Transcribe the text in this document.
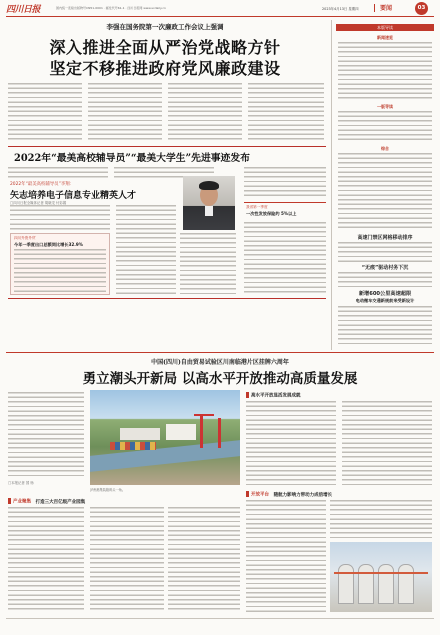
四川日报	国内统一连续出版物号CN51-0001 · 邮发代号61-1 · 四川日报网 www.scdaily.cn	2023年4月13日 星期四	要闻	03
李强在国务院第一次廉政工作会议上强调
深入推进全面从严治党战略方针
坚定不移推进政府党风廉政建设
2022年“最美高校辅导员”“最美大学生”先进事迹发布
2022年“最美高校辅导员”李翔：
矢志培养电子信息专业精英人才
□四川日报全媒体记者 胡晓龙 付彩娟
四川外资外贸
今年一季度出口总额同比增长32.9%
我省第一季度
一次性发放保险约 5%以上
本版导读
新闻速览
一版导读
综合
高速门禁区网格移动排序
“无痕”驱动村务下沉
新增600公里高速超限
电动微车交通新规前来受新设计
中国(四川)自由贸易试验区川南临港片区挂牌六周年
勇立潮头开新局 以高水平开放推动高质量发展
□本报记者 国 杨
泸州港集装箱码头一角。
高水平开放显活发展成就
开放平台 随航力影响力带动力成倍增长
产业聚集 打造三大百亿级产业园集
